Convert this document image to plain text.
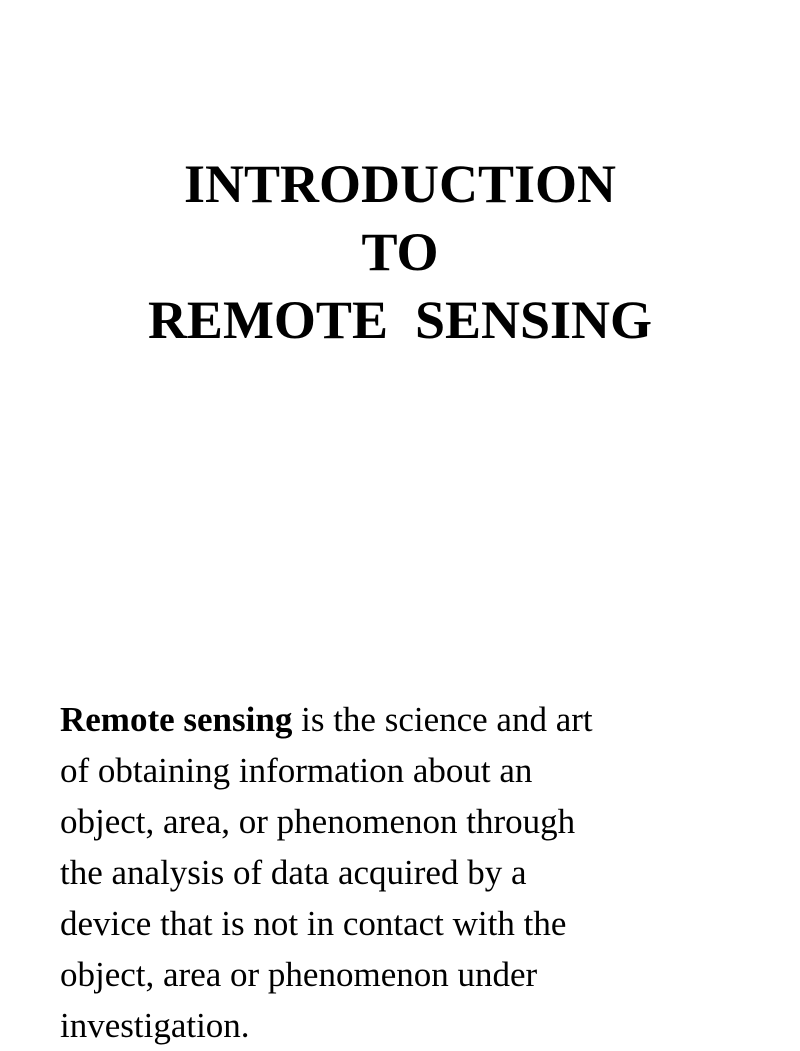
INTRODUCTION
TO
REMOTE  SENSING

Remote sensing is the science and art
of obtaining information about an
object, area, or phenomenon through
the analysis of data acquired by a
device that is not in contact with the
object, area or phenomenon under
investigation.
